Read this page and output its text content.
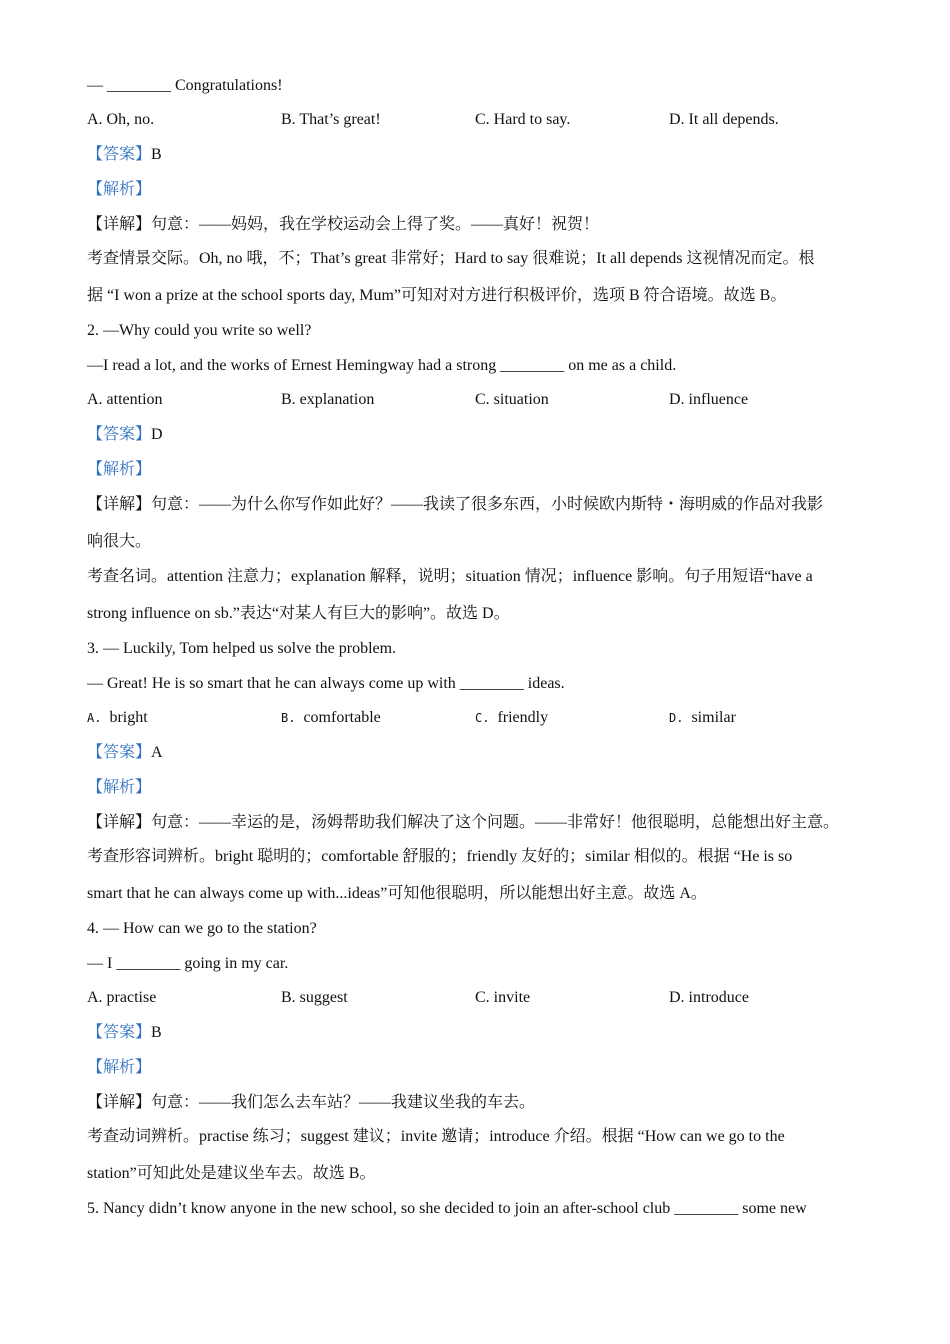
— ________ Congratulations!
A. Oh, no.	B. That’s great!	C. Hard to say.	D. It all depends.
【答案】B
【解析】
【详解】句意：——妈妈，我在学校运动会上得了奖。——真好！祝贺！
考查情景交际。Oh, no 哦，不；That’s great 非常好；Hard to say 很难说；It all depends 这视情况而定。根
据 “I won a prize at the school sports day, Mum”可知对对方进行积极评价，选项 B 符合语境。故选 B。
2. —Why could you write so well?
—I read a lot, and the works of Ernest Hemingway had a strong ________ on me as a child.
A. attention	B. explanation	C. situation	D. influence
【答案】D
【解析】
【详解】句意：——为什么你写作如此好？——我读了很多东西，小时候欧内斯特・海明威的作品对我影
响很大。
考查名词。attention 注意力；explanation 解释，说明；situation 情况；influence 影响。句子用短语“have a
strong influence on sb.”表达“对某人有巨大的影响”。故选 D。
3. — Luckily, Tom helped us solve the problem.
— Great! He is so smart that he can always come up with ________ ideas.
A. bright	B. comfortable	C. friendly	D. similar
【答案】A
【解析】
【详解】句意：——幸运的是，汤姆帮助我们解决了这个问题。——非常好！他很聪明，总能想出好主意。
考查形容词辨析。bright 聪明的；comfortable 舒服的；friendly 友好的；similar 相似的。根据 “He is so
smart that he can always come up with...ideas”可知他很聪明，所以能想出好主意。故选 A。
4. — How can we go to the station?
— I ________ going in my car.
A. practise	B. suggest	C. invite	D. introduce
【答案】B
【解析】
【详解】句意：——我们怎么去车站？——我建议坐我的车去。
考查动词辨析。practise 练习；suggest 建议；invite 邀请；introduce 介绍。根据 “How can we go to the
station”可知此处是建议坐车去。故选 B。
5. Nancy didn’t know anyone in the new school, so she decided to join an after-school club ________ some new
